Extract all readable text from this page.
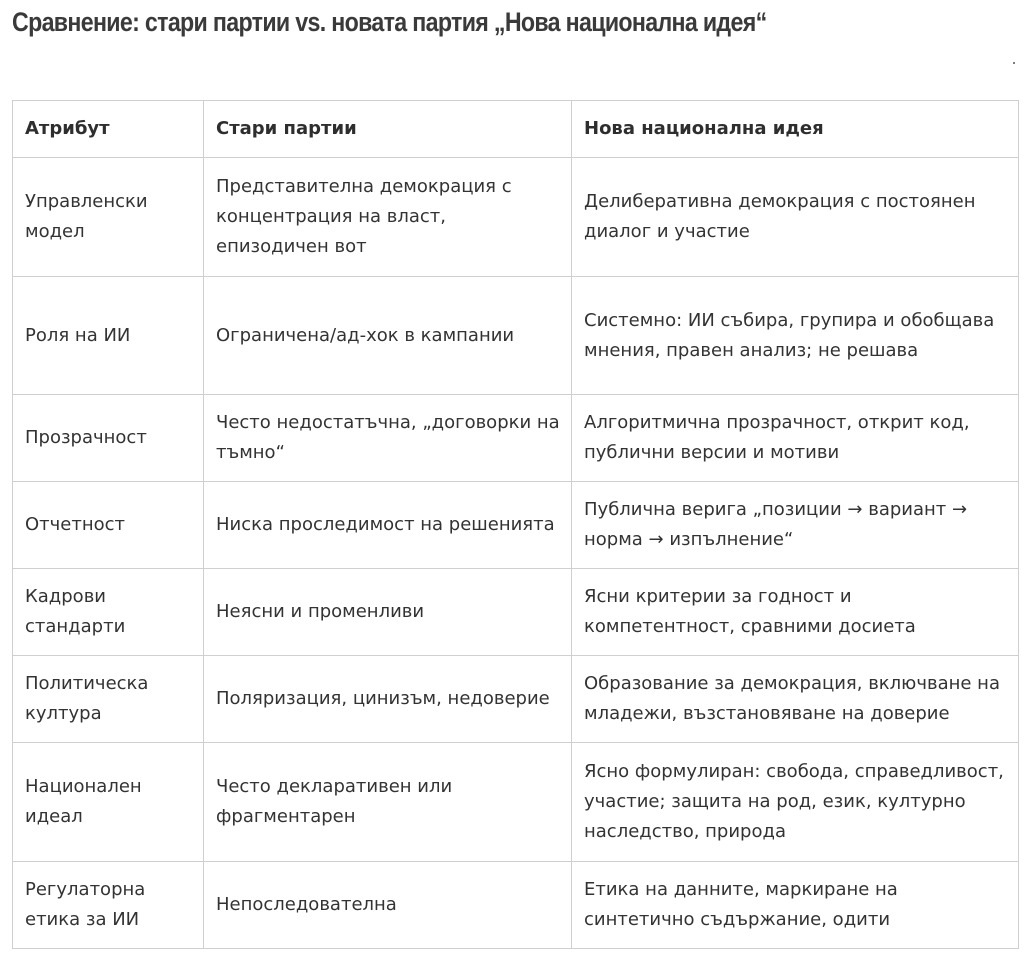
Сравнение: стари партии vs. новата партия „Нова национална идея“
Атрибут	Стари партии	Нова национална идея
Управленски модел	Представителна демокрация с концентрация на власт, епизодичен вот	Делиберативна демокрация с постоянен диалог и участие
Роля на ИИ	Ограничена/ад-хок в кампании	Системно: ИИ събира, групира и обобщава мнения, правен анализ; не решава
Прозрачност	Често недостатъчна, „договорки на тъмно“	Алгоритмична прозрачност, открит код, публични версии и мотиви
Отчетност	Ниска проследимост на решенията	Публична верига „позиции → вариант → норма → изпълнение“
Кадрови стандарти	Неясни и променливи	Ясни критерии за годност и компетентност, сравними досиета
Политическа култура	Поляризация, цинизъм, недоверие	Образование за демокрация, включване на младежи, възстановяване на доверие
Национален идеал	Често декларативен или фрагментарен	Ясно формулиран: свобода, справедливост, участие; защита на род, език, културно наследство, природа
Регулаторна етика за ИИ	Непоследователна	Етика на данните, маркиране на синтетично съдържание, одити
